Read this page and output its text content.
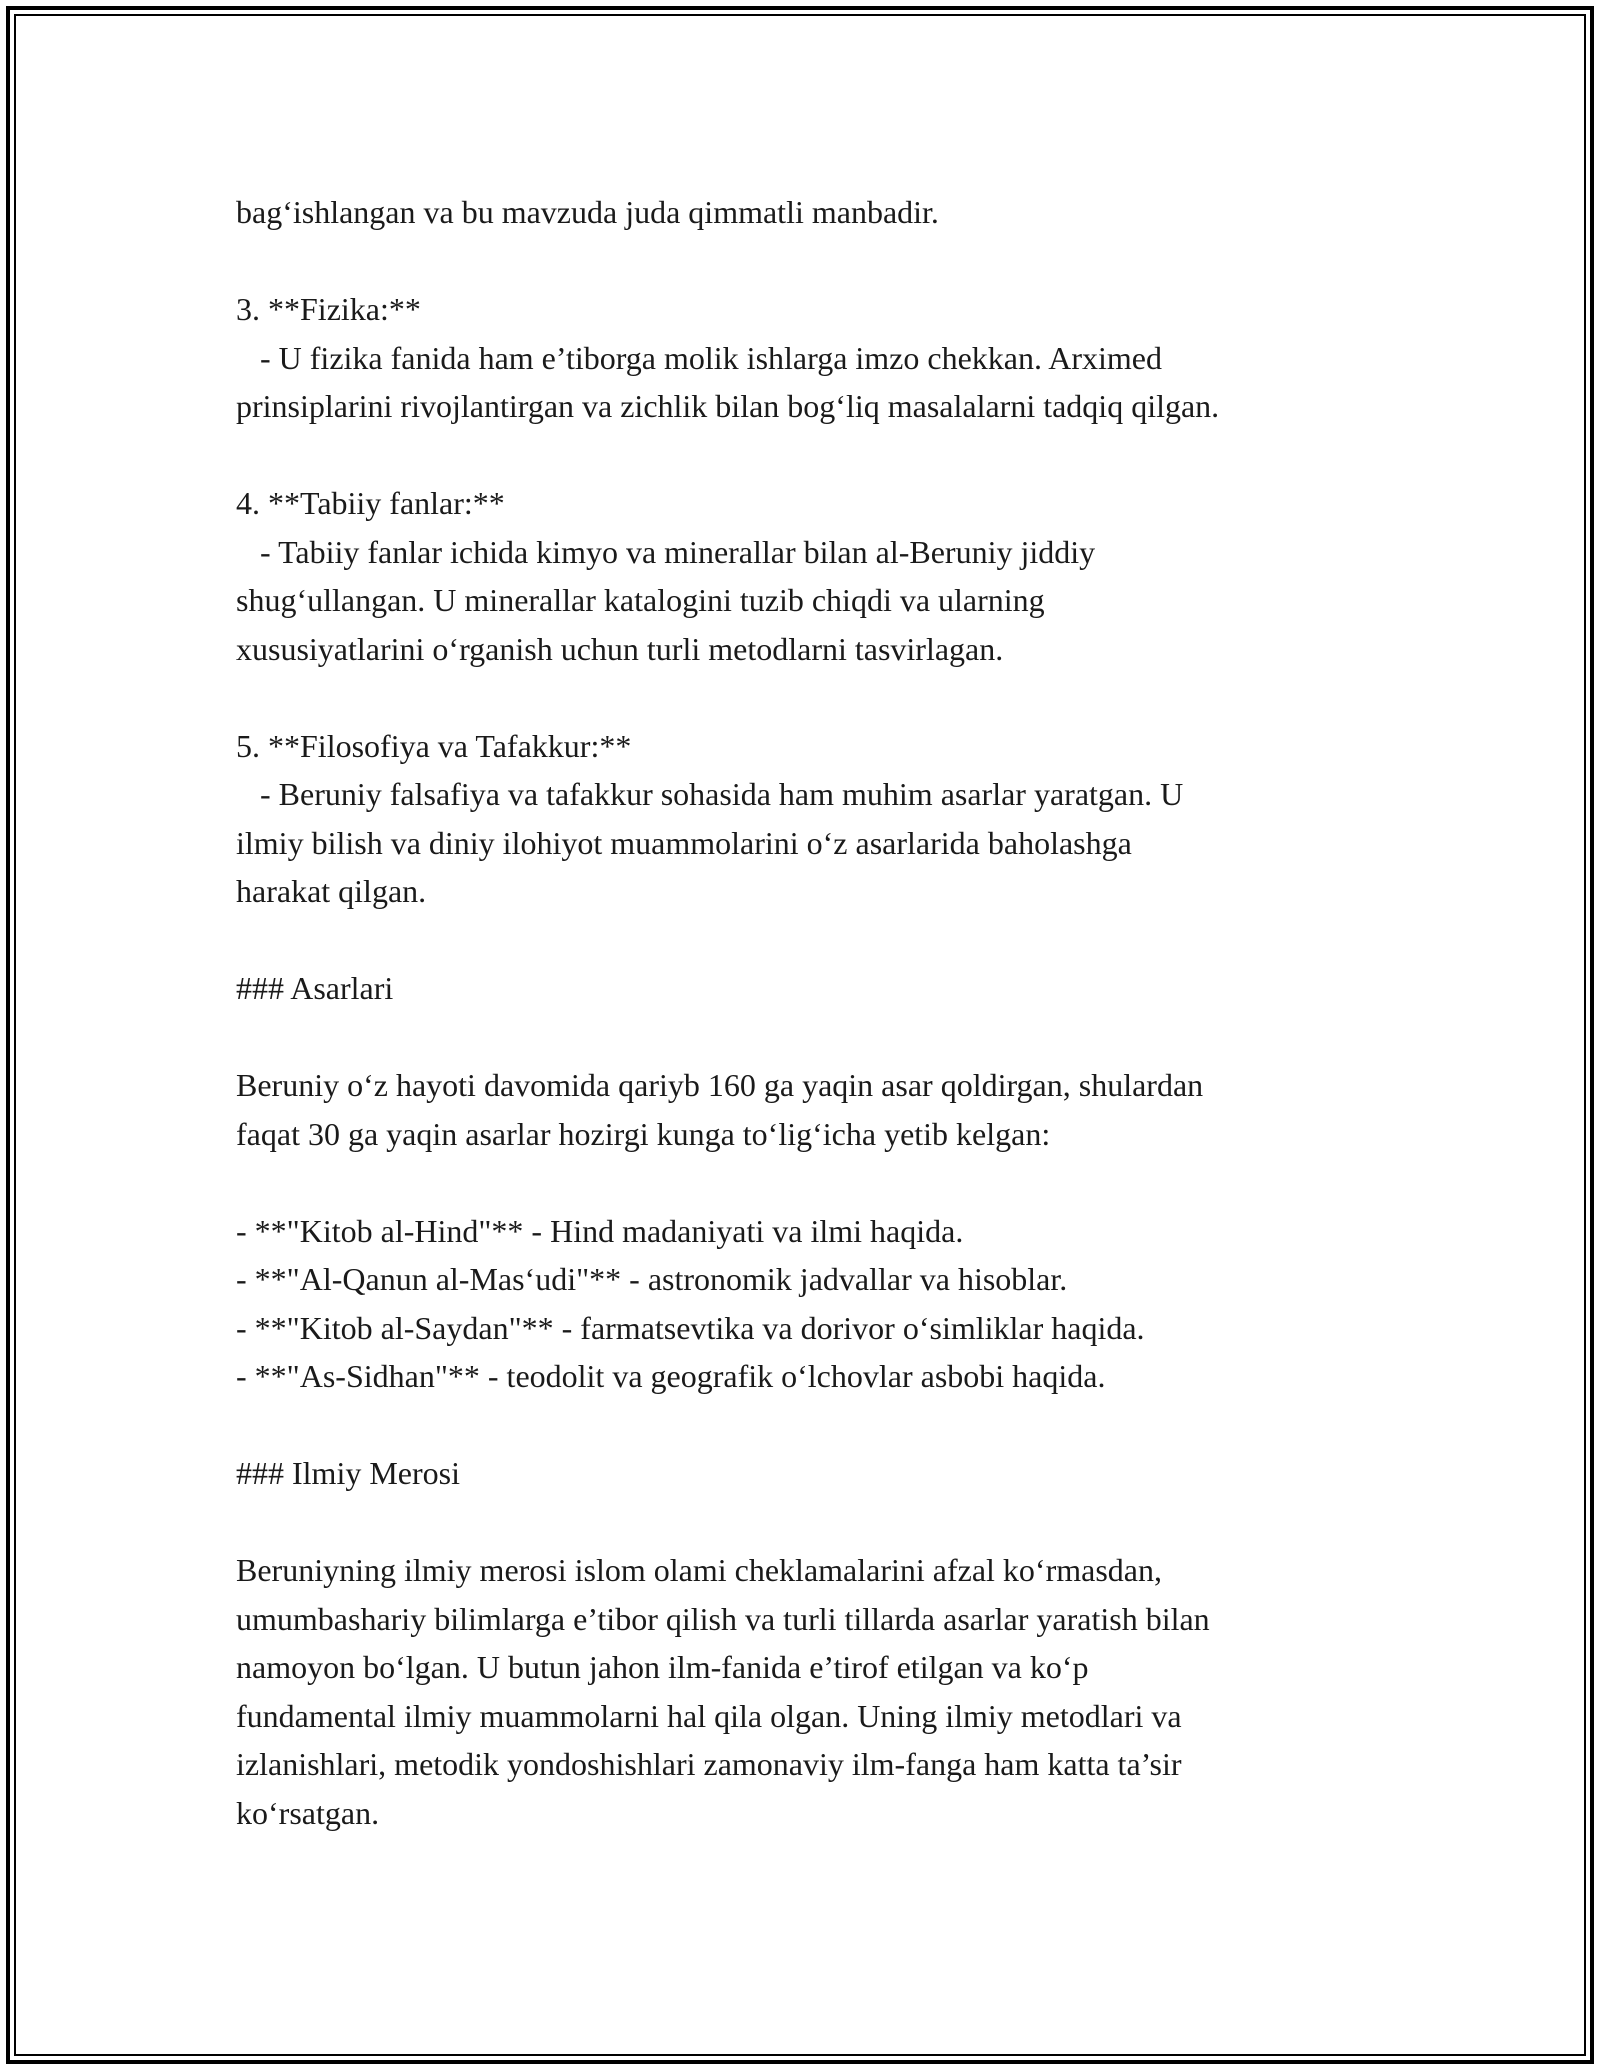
bag‘ishlangan va bu mavzuda juda qimmatli manbadir.
3. **Fizika:**
- U fizika fanida ham e’tiborga molik ishlarga imzo chekkan. Arximed
prinsiplarini rivojlantirgan va zichlik bilan bog‘liq masalalarni tadqiq qilgan.
4. **Tabiiy fanlar:**
- Tabiiy fanlar ichida kimyo va minerallar bilan al-Beruniy jiddiy
shug‘ullangan. U minerallar katalogini tuzib chiqdi va ularning
xususiyatlarini o‘rganish uchun turli metodlarni tasvirlagan.
5. **Filosofiya va Tafakkur:**
- Beruniy falsafiya va tafakkur sohasida ham muhim asarlar yaratgan. U
ilmiy bilish va diniy ilohiyot muammolarini o‘z asarlarida baholashga
harakat qilgan.
### Asarlari
Beruniy o‘z hayoti davomida qariyb 160 ga yaqin asar qoldirgan, shulardan
faqat 30 ga yaqin asarlar hozirgi kunga to‘lig‘icha yetib kelgan:
- **"Kitob al-Hind"** - Hind madaniyati va ilmi haqida.
- **"Al-Qanun al-Mas‘udi"** - astronomik jadvallar va hisoblar.
- **"Kitob al-Saydan"** - farmatsevtika va dorivor o‘simliklar haqida.
- **"As-Sidhan"** - teodolit va geografik o‘lchovlar asbobi haqida.
### Ilmiy Merosi
Beruniyning ilmiy merosi islom olami cheklamalarini afzal ko‘rmasdan,
umumbashariy bilimlarga e’tibor qilish va turli tillarda asarlar yaratish bilan
namoyon bo‘lgan. U butun jahon ilm-fanida e’tirof etilgan va ko‘p
fundamental ilmiy muammolarni hal qila olgan. Uning ilmiy metodlari va
izlanishlari, metodik yondoshishlari zamonaviy ilm-fanga ham katta ta’sir
ko‘rsatgan.
